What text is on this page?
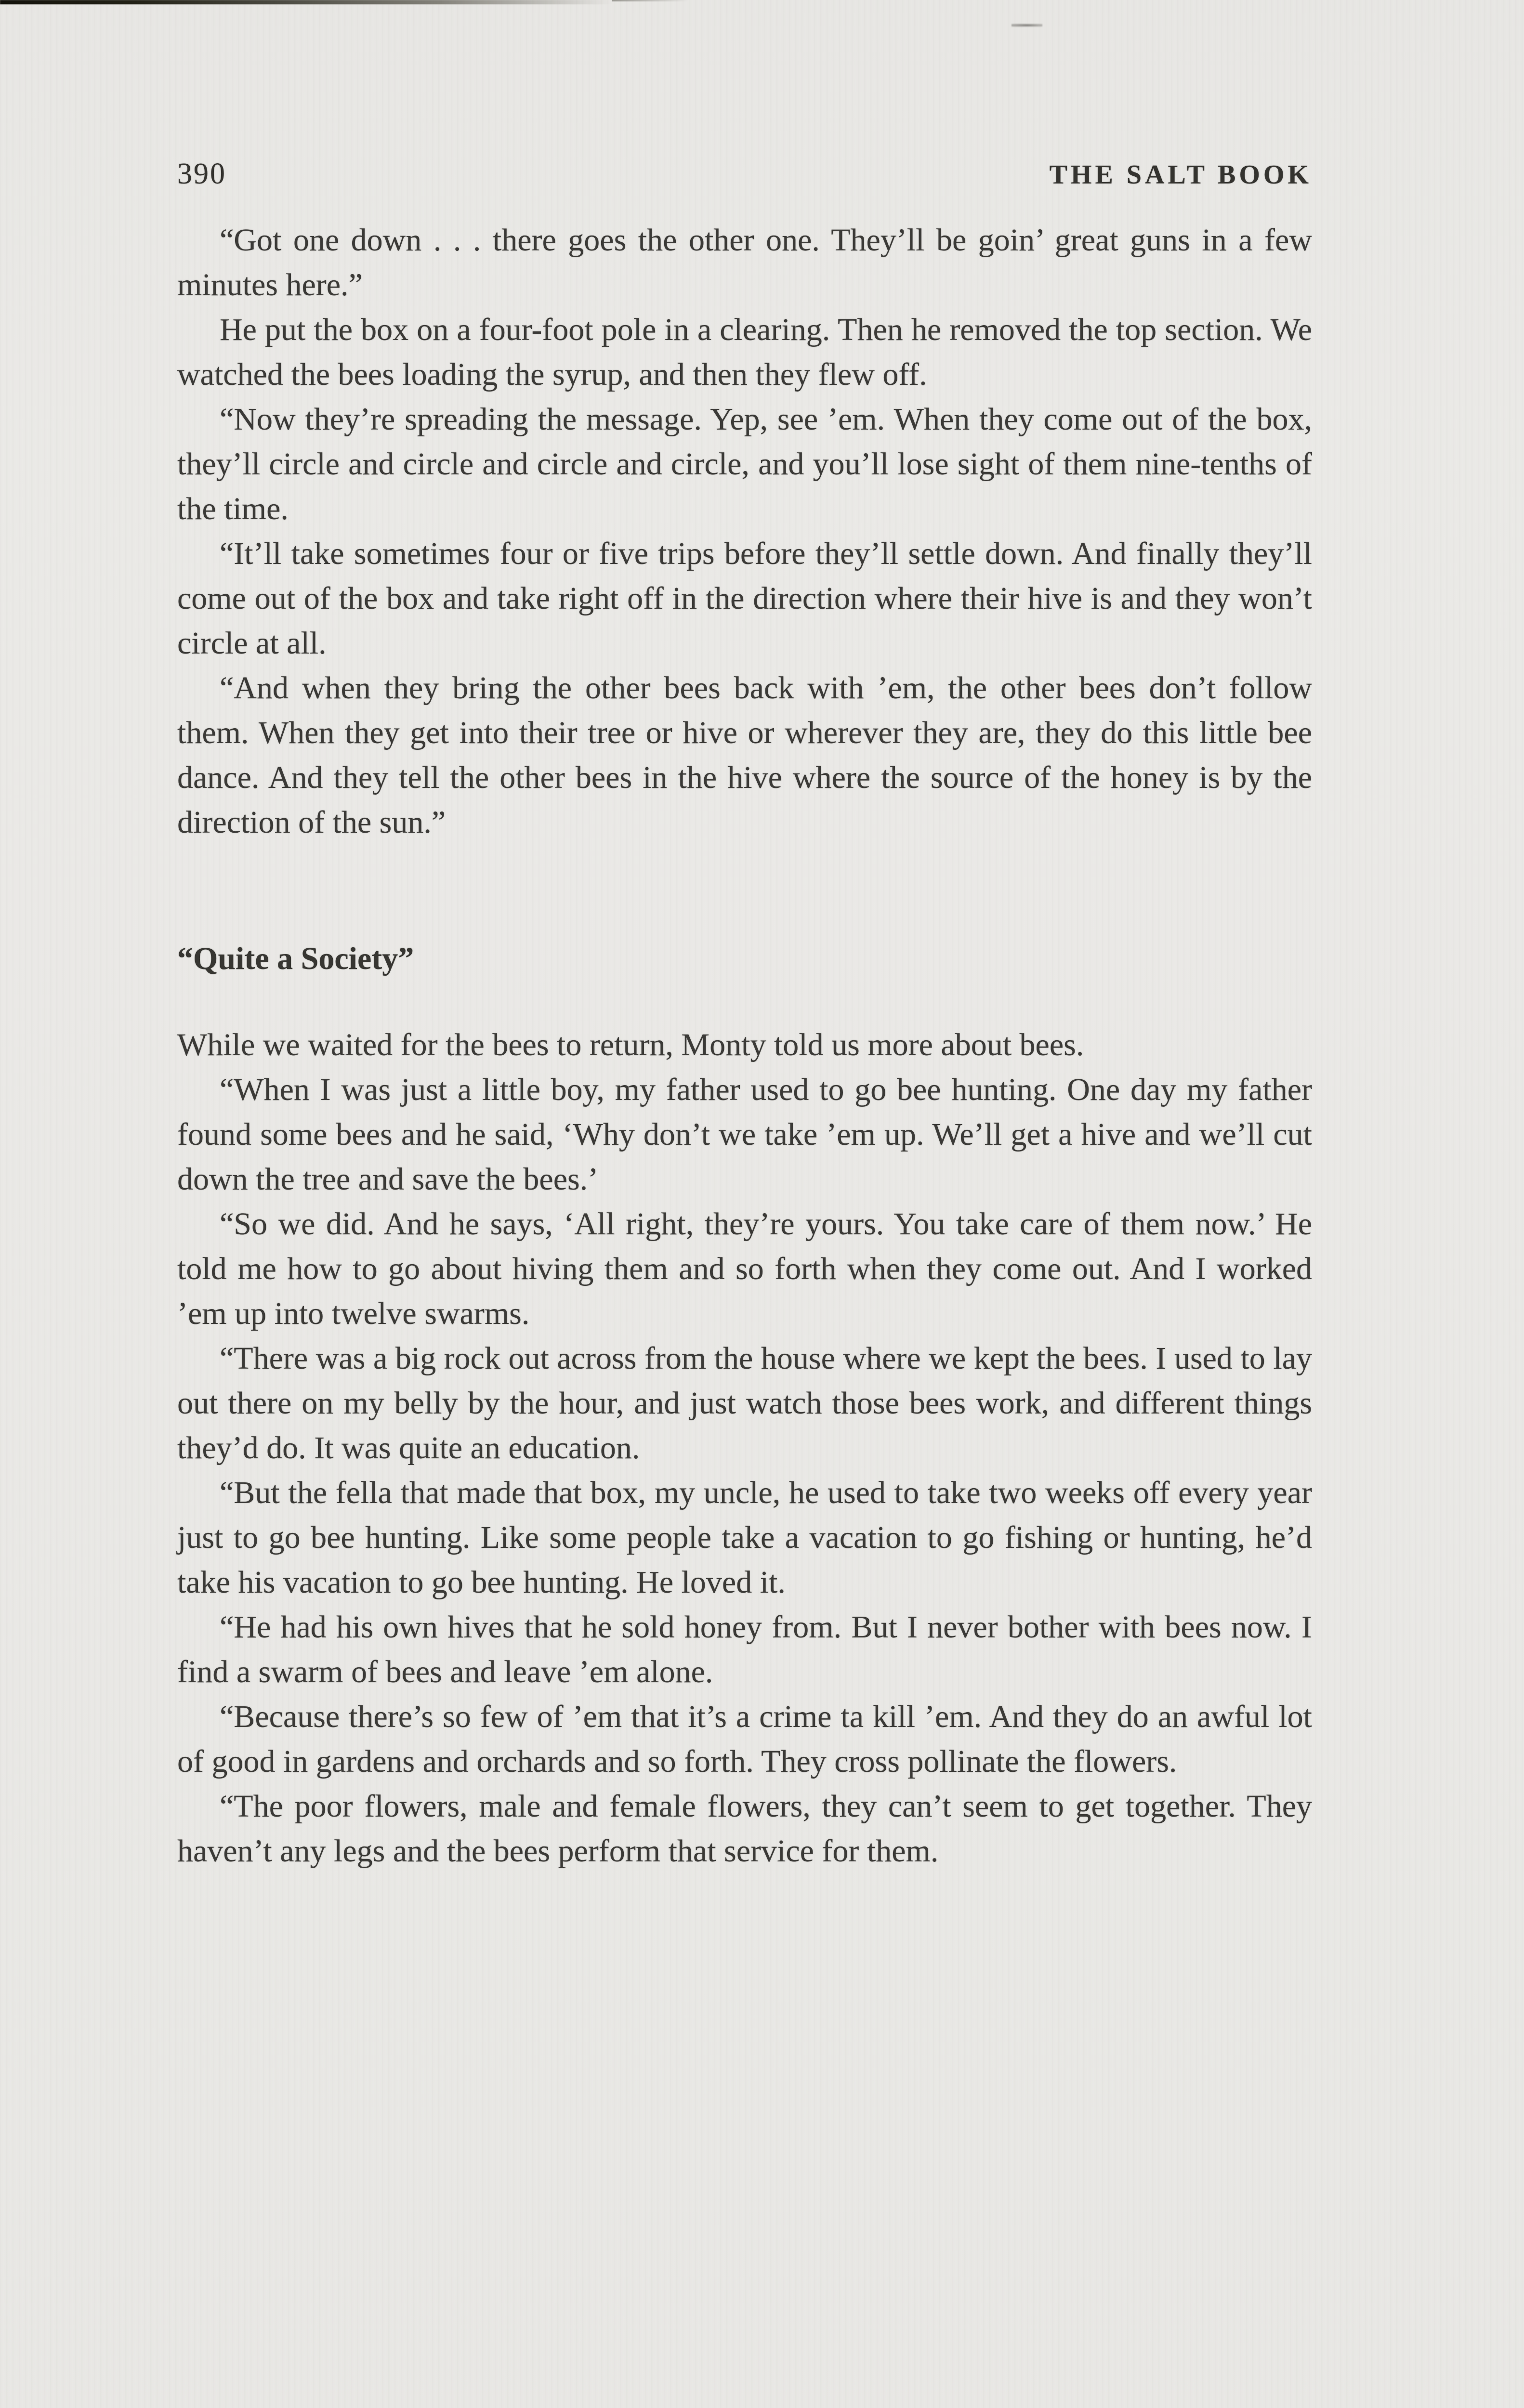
390	THE SALT BOOK

“Got one down . . . there goes the other one. They’ll be goin’ great guns in a few minutes here.”

He put the box on a four-foot pole in a clearing. Then he removed the top section. We watched the bees loading the syrup, and then they flew off.

“Now they’re spreading the message. Yep, see ’em. When they come out of the box, they’ll circle and circle and circle and circle, and you’ll lose sight of them nine-tenths of the time.

“It’ll take sometimes four or five trips before they’ll settle down. And finally they’ll come out of the box and take right off in the direction where their hive is and they won’t circle at all.

“And when they bring the other bees back with ’em, the other bees don’t follow them. When they get into their tree or hive or wherever they are, they do this little bee dance. And they tell the other bees in the hive where the source of the honey is by the direction of the sun.”

“Quite a Society”

While we waited for the bees to return, Monty told us more about bees.

“When I was just a little boy, my father used to go bee hunting. One day my father found some bees and he said, ‘Why don’t we take ’em up. We’ll get a hive and we’ll cut down the tree and save the bees.’

“So we did. And he says, ‘All right, they’re yours. You take care of them now.’ He told me how to go about hiving them and so forth when they come out. And I worked ’em up into twelve swarms.

“There was a big rock out across from the house where we kept the bees. I used to lay out there on my belly by the hour, and just watch those bees work, and different things they’d do. It was quite an education.

“But the fella that made that box, my uncle, he used to take two weeks off every year just to go bee hunting. Like some people take a vacation to go fishing or hunting, he’d take his vacation to go bee hunting. He loved it.

“He had his own hives that he sold honey from. But I never bother with bees now. I find a swarm of bees and leave ’em alone.

“Because there’s so few of ’em that it’s a crime ta kill ’em. And they do an awful lot of good in gardens and orchards and so forth. They cross pollinate the flowers.

“The poor flowers, male and female flowers, they can’t seem to get together. They haven’t any legs and the bees perform that service for them.
